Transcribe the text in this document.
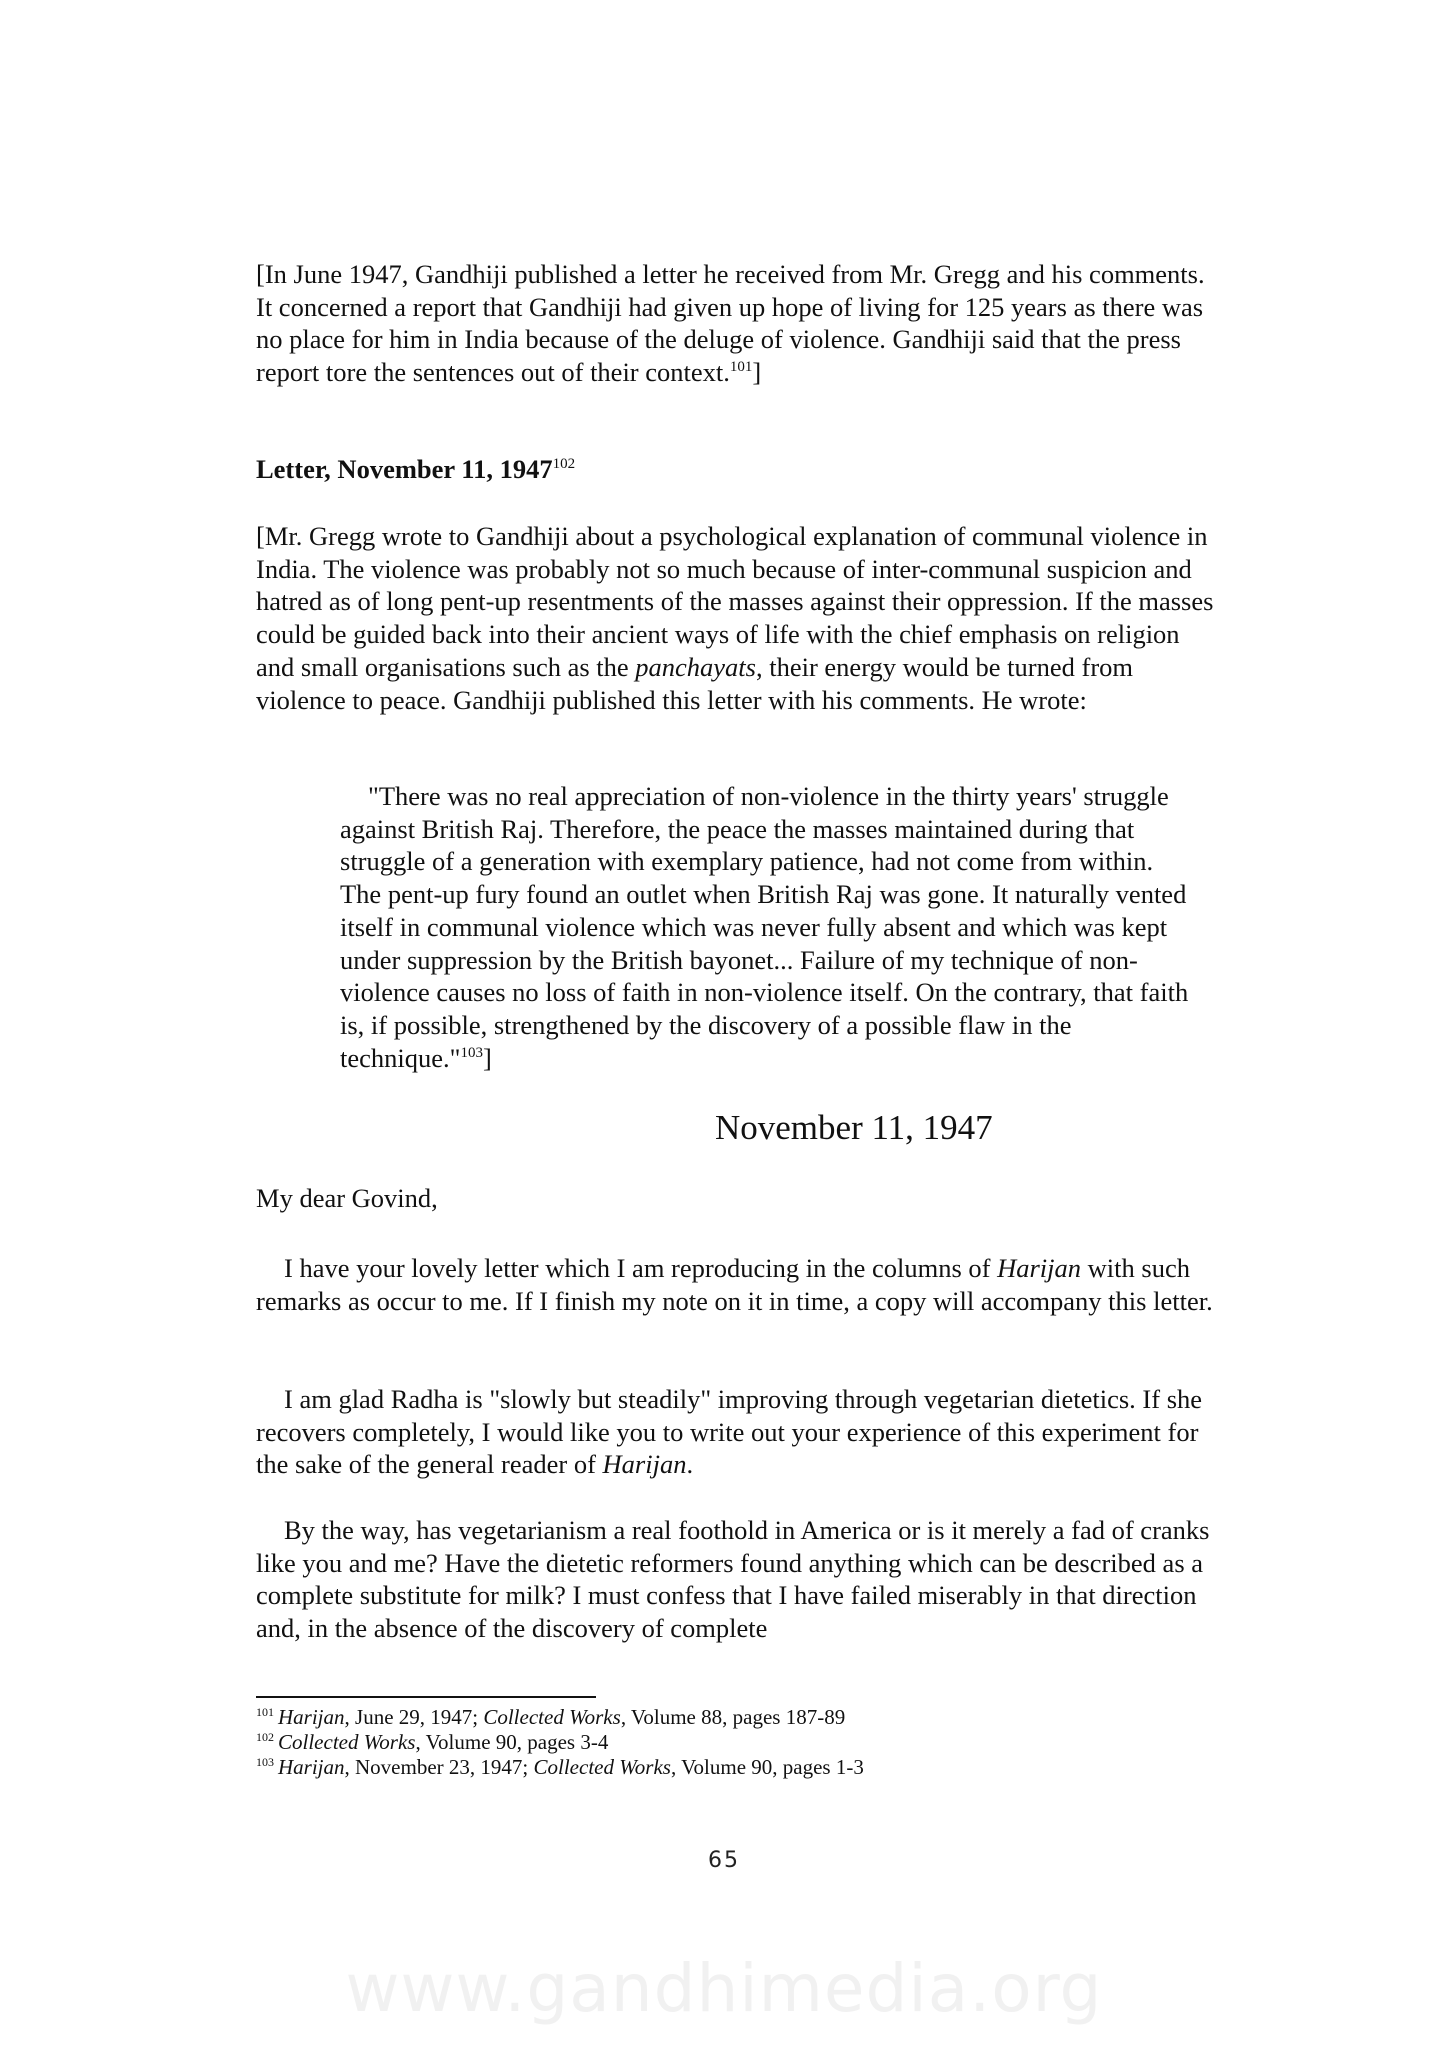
[In June 1947, Gandhiji published a letter he received from Mr. Gregg and his comments. It concerned a report that Gandhiji had given up hope of living for 125 years as there was no place for him in India because of the deluge of violence. Gandhiji said that the press report tore the sentences out of their context.$^{101}$]

Letter, November 11, 1947$^{102}$

[Mr. Gregg wrote to Gandhiji about a psychological explanation of communal violence in India. The violence was probably not so much because of inter-communal suspicion and hatred as of long pent-up resentments of the masses against their oppression. If the masses could be guided back into their ancient ways of life with the chief emphasis on religion and small organisations such as the panchayats, their energy would be turned from violence to peace. Gandhiji published this letter with his comments. He wrote:

"There was no real appreciation of non-violence in the thirty years' struggle against British Raj. Therefore, the peace the masses maintained during that struggle of a generation with exemplary patience, had not come from within. The pent-up fury found an outlet when British Raj was gone. It naturally vented itself in communal violence which was never fully absent and which was kept under suppression by the British bayonet... Failure of my technique of non-violence causes no loss of faith in non-violence itself. On the contrary, that faith is, if possible, strengthened by the discovery of a possible flaw in the technique."$^{103}$]

November 11, 1947

My dear Govind,

I have your lovely letter which I am reproducing in the columns of Harijan with such remarks as occur to me. If I finish my note on it in time, a copy will accompany this letter.

I am glad Radha is "slowly but steadily" improving through vegetarian dietetics. If she recovers completely, I would like you to write out your experience of this experiment for the sake of the general reader of Harijan.

By the way, has vegetarianism a real foothold in America or is it merely a fad of cranks like you and me? Have the dietetic reformers found anything which can be described as a complete substitute for milk? I must confess that I have failed miserably in that direction and, in the absence of the discovery of complete

$^{101}$ Harijan, June 29, 1947; Collected Works, Volume 88, pages 187-89

$^{102}$ Collected Works, Volume 90, pages 3-4

$^{103}$ Harijan, November 23, 1947; Collected Works, Volume 90, pages 1-3

65
www.gandhimedia.org
